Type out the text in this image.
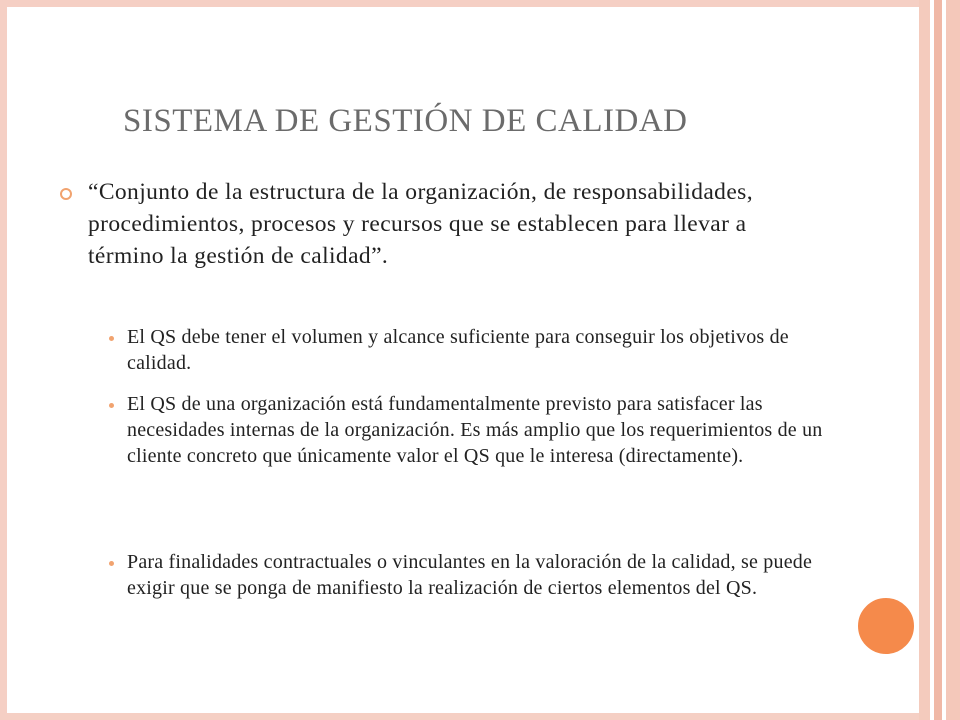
SISTEMA DE GESTIÓN DE CALIDAD
“Conjunto de la estructura de la organización, de responsabilidades, procedimientos, procesos y recursos que se establecen para llevar a término la gestión de calidad”.
El QS debe tener el volumen y alcance suficiente para conseguir los objetivos de calidad.
El QS de una organización está fundamentalmente previsto para satisfacer las necesidades internas de la organización. Es más amplio que los requerimientos de un cliente concreto que únicamente valor el QS que le interesa (directamente).
Para finalidades contractuales o vinculantes en la valoración de la calidad, se puede exigir que se ponga de manifiesto la realización de ciertos elementos del QS.
